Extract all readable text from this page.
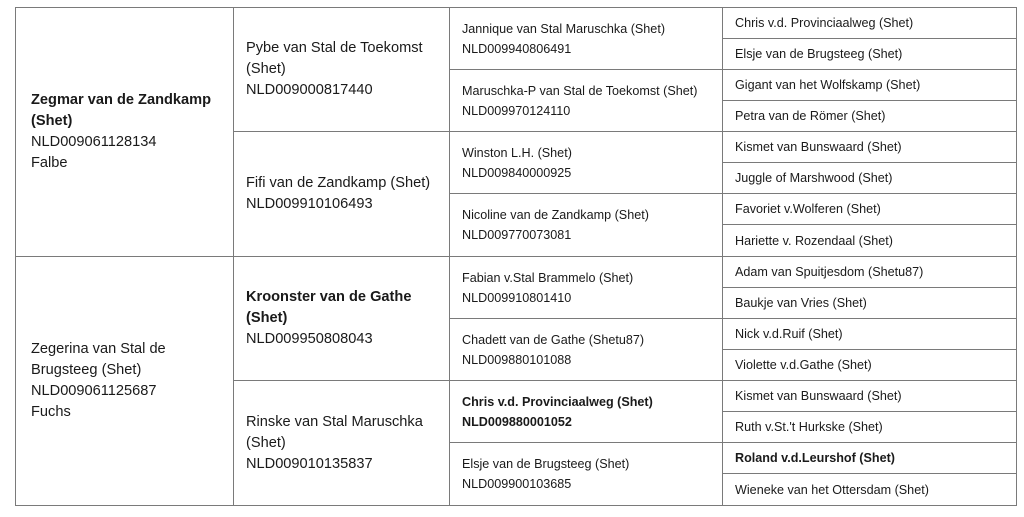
Zegmar van de Zandkamp (Shet)
NLD009061128134
Falbe
Zegerina van Stal de Brugsteeg (Shet)
NLD009061125687
Fuchs
Pybe van Stal de Toekomst (Shet)
NLD009000817440
Fifi van de Zandkamp (Shet)
NLD009910106493
Kroonster van de Gathe (Shet)
NLD009950808043
Rinske van Stal Maruschka (Shet)
NLD009010135837
Jannique van Stal Maruschka (Shet)
NLD009940806491
Maruschka-P van Stal de Toekomst (Shet)
NLD009970124110
Winston L.H. (Shet)
NLD009840000925
Nicoline van de Zandkamp (Shet)
NLD009770073081
Fabian v.Stal Brammelo (Shet)
NLD009910801410
Chadett van de Gathe (Shetu87)
NLD009880101088
Chris v.d. Provinciaalweg (Shet)
NLD009880001052
Elsje van de Brugsteeg (Shet)
NLD009900103685
Chris v.d. Provinciaalweg (Shet)
Elsje van de Brugsteeg (Shet)
Gigant van het Wolfskamp (Shet)
Petra van de Römer (Shet)
Kismet van Bunswaard (Shet)
Juggle of Marshwood (Shet)
Favoriet v.Wolferen (Shet)
Hariette v. Rozendaal (Shet)
Adam van Spuitjesdom (Shetu87)
Baukje van Vries (Shet)
Nick v.d.Ruif (Shet)
Violette v.d.Gathe (Shet)
Kismet van Bunswaard (Shet)
Ruth v.St.'t Hurkske (Shet)
Roland v.d.Leurshof (Shet)
Wieneke van het Ottersdam (Shet)
